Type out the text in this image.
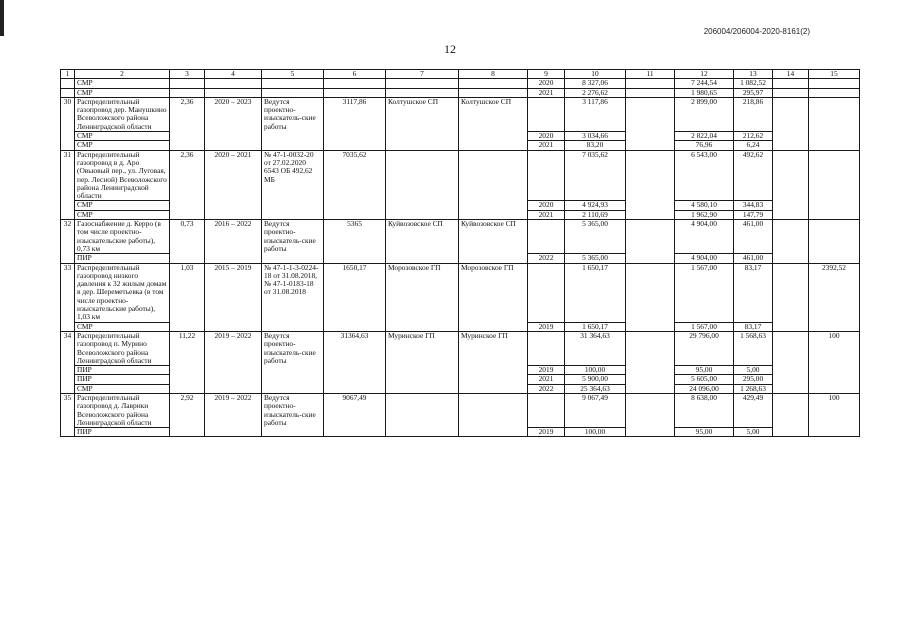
206004/206004-2020-8161(2)
12
1	2	3	4	5	6	7	8	9	10	11	12	13	14	15
	СМР							2020	8 327,06		7 244,54	1 082,52		
	СМР							2021	2 276,62		1 980,65	295,97		
30	Распределительный газопровод дер. Манушкино Всеволожского района Ленинградской области	2,36	2020 – 2023	Ведутся проектно-изыскатель-ские работы	3117,86	Колтушское СП	Колтушское СП		3 117,86		2 899,00	218,86		
	СМР							2020	3 034,66		2 822,04	212,62		
	СМР							2021	83,20		76,96	6,24		
31	Распределительный газопровод в д. Аро (Овьювый пер., ул. Луговая, пер. Лесной) Всеволожского района Ленинградской области	2,36	2020 – 2021	№ 47-1-0032-20 от 27.02.2020 6543 ОБ 492,62 МБ	7035,62				7 035,62		6 543,00	492,62		
	СМР							2020	4 924,93		4 580,10	344,83		
	СМР							2021	2 110,69		1 962,90	147,79		
32	Газоснабжение д. Керро (в том числе проектно-изыскательские работы), 0,73 км	0,73	2016 – 2022	Ведутся проектно-изыскатель-ские работы	5365	Куйвозовское СП	Куйвозовское СП		5 365,00		4 904,00	461,00		
	ПИР							2022	5 365,00		4 904,00	461,00		
33	Распределительный газопровод низкого давления к 32 жилым домам в дер. Шереметьевка (в том числе проектно-изыскательские работы), 1,03 км	1,03	2015 – 2019	№ 47-1-1-3-0224-18 от 31.08.2018, № 47-1-0183-18 от 31.08.2018	1650,17	Морозовское ГП	Морозовское ГП		1 650,17		1 567,00	83,17		2392,52
	СМР							2019	1 650,17		1 567,00	83,17		
34	Распределительный газопровод п. Мурино Всеволожского района Ленинградской области	11,22	2019 – 2022	Ведутся проектно-изыскатель-ские работы	31364,63	Муринское ГП	Муринское ГП		31 364,63		29 796,00	1 568,63		100
	ПИР							2019	100,00		95,00	5,00		
	ПИР							2021	5 900,00		5 605,00	295,00		
	СМР							2022	25 364,63		24 096,00	1 268,63		
35	Распределительный газопровод д. Лаврики Всеволожского района Ленинградской области	2,92	2019 – 2022	Ведутся проектно-изыскатель-ские работы	9067,49				9 067,49		8 638,00	429,49		100
	ПИР							2019	100,00		95,00	5,00		
